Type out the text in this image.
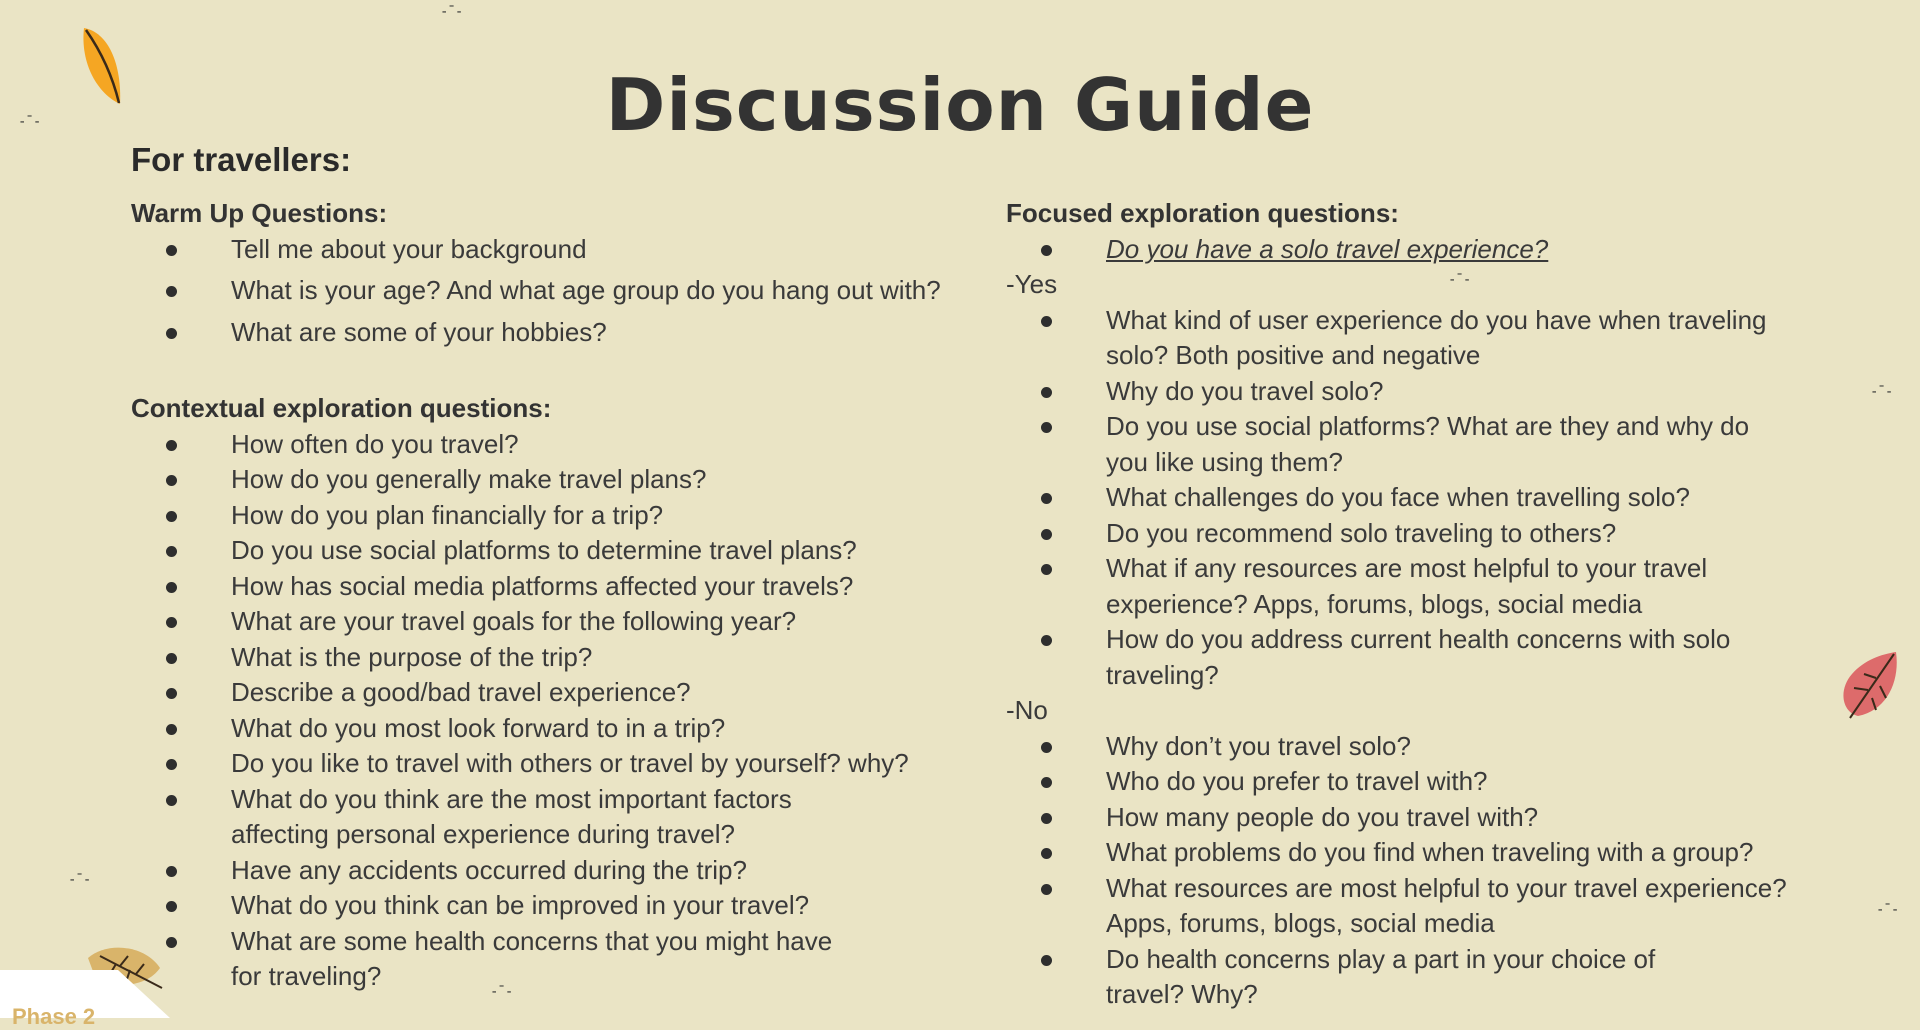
Discussion Guide
For travellers:

Warm Up Questions:

Tell me about your background
What is your age? And what age group do you hang out with?
What are some of your hobbies?

Contextual exploration questions:

How often do you travel?
How do you generally make travel plans?
How do you plan financially for a trip?
Do you use social platforms to determine travel plans?
How has social media platforms affected your travels?
What are your travel goals for the following year?
What is the purpose of the trip?
Describe a good/bad travel experience?
What do you most look forward to in a trip?
Do you like to travel with others or travel by yourself? why?
What do you think are the most important factors affecting personal experience during travel?
Have any accidents occurred during the trip?
What do you think can be improved in your travel?
What are some health concerns that you might have for traveling?

Focused exploration questions:

Do you have a solo travel experience?

-Yes

What kind of user experience do you have when traveling solo? Both positive and negative
Why do you travel solo?
Do you use social platforms? What are they and why do you like using them?
What challenges do you face when travelling solo?
Do you recommend solo traveling to others?
What if any resources are most helpful to your travel experience? Apps, forums, blogs, social media
How do you address current health concerns with solo traveling?

-No

Why don’t you travel solo?
Who do you prefer to travel with?
How many people do you travel with?
What problems do you find when traveling with a group?
What resources are most helpful to your travel experience? Apps, forums, blogs, social media
Do health concerns play a part in your choice of travel? Why?
-ˉ-
-ˉ-
-ˉ-
-ˉ-
-ˉ-
-ˉ-
-ˉ-
Phase 2
